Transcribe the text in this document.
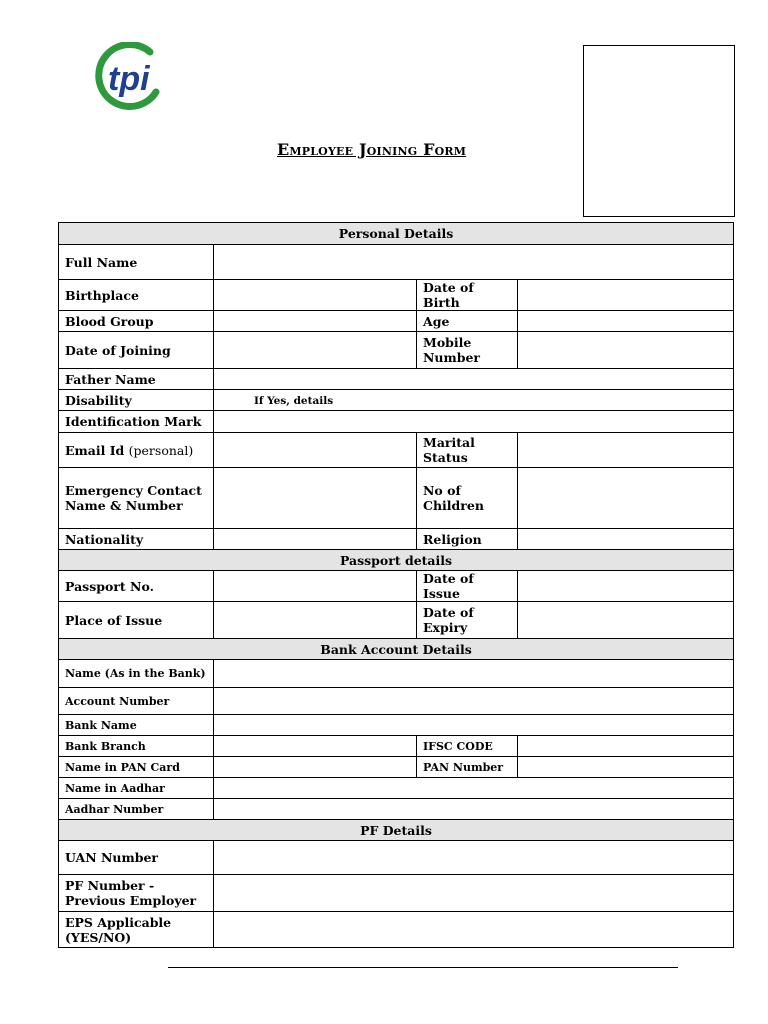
tpi
Employee Joining Form
Personal Details			
Full Name			
Birthplace		Date of Birth	
Blood Group		Age	
Date of Joining		Mobile Number	
Father Name			
Disability	If Yes, details		
Identification Mark			
Email Id (personal)		Marital Status	
Emergency Contact Name & Number		No of Children	
Nationality		Religion	
Passport details			
Passport No.		Date of Issue	
Place of Issue		Date of Expiry	
Bank Account Details			
Name (As in the Bank)			
Account Number			
Bank Name			
Bank Branch		IFSC CODE	
Name in PAN Card		PAN Number	
Name in Aadhar			
Aadhar Number			
PF Details			
UAN Number			
PF Number -Previous Employer			
EPS Applicable (YES/NO)			
